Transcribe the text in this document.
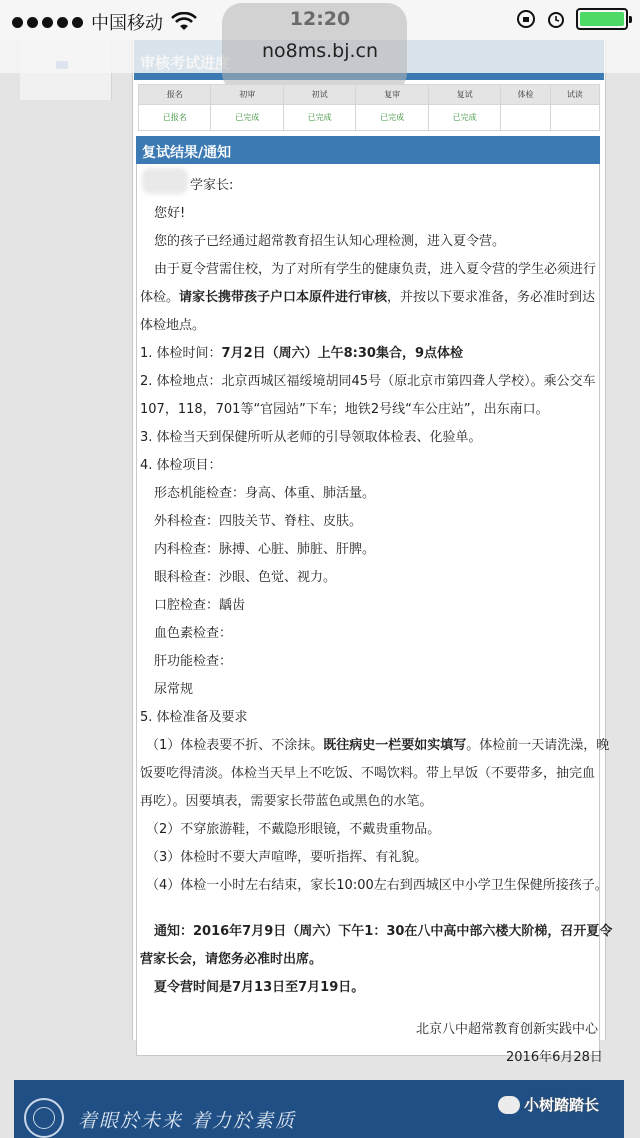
中国移动
no8ms.bj.cn
报名	初审	初试	复审	复试	体检	试读
已报名	已完成	已完成	已完成	已完成		
复试结果/通知
学家长:
您好!
您的孩子已经通过超常教育招生认知心理检测，进入夏令营。
由于夏令营需住校，为了对所有学生的健康负责，进入夏令营的学生必须进行
体检。请家长携带孩子户口本原件进行审核，并按以下要求准备，务必准时到达
体检地点。
1. 体检时间：7月2日（周六）上午8:30集合，9点体检
2. 体检地点：北京西城区福绥境胡同45号（原北京市第四聋人学校）。乘公交车
107，118，701等“官园站”下车；地铁2号线“车公庄站”，出东南口。
3. 体检当天到保健所听从老师的引导领取体检表、化验单。
4. 体检项目：
形态机能检查：身高、体重、肺活量。
外科检查：四肢关节、脊柱、皮肤。
内科检查：脉搏、心脏、肺脏、肝脾。
眼科检查：沙眼、色觉、视力。
口腔检查：龋齿
血色素检查：
肝功能检查：
尿常规
5. 体检准备及要求
（1）体检表要不折、不涂抹。既往病史一栏要如实填写。体检前一天请洗澡，晚
饭要吃得清淡。体检当天早上不吃饭、不喝饮料。带上早饭（不要带多，抽完血
再吃）。因要填表，需要家长带蓝色或黑色的水笔。
（2）不穿旅游鞋，不戴隐形眼镜，不戴贵重物品。
（3）体检时不要大声喧哗，要听指挥、有礼貌。
（4）体检一小时左右结束，家长10:00左右到西城区中小学卫生保健所接孩子。
通知：2016年7月9日（周六）下午1：30在八中高中部六楼大阶梯，召开夏令
营家长会，请您务必准时出席。
夏令营时间是7月13日至7月19日。
北京八中超常教育创新实践中心
2016年6月28日
着眼於未来 着力於素质
小树踏踏长
